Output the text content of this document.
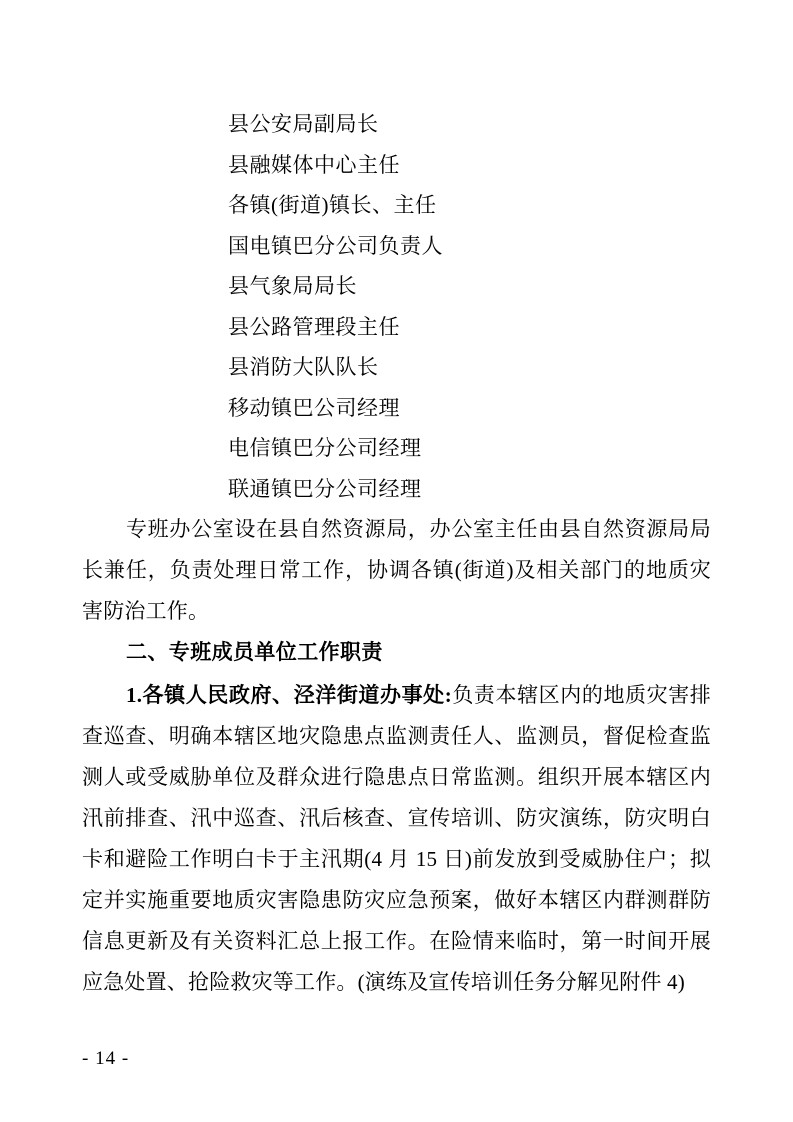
县公安局副局长
县融媒体中心主任
各镇(街道)镇长、主任
国电镇巴分公司负责人
县气象局局长
县公路管理段主任
县消防大队队长
移动镇巴公司经理
电信镇巴分公司经理
联通镇巴分公司经理

专班办公室设在县自然资源局，办公室主任由县自然资源局局长兼任，负责处理日常工作，协调各镇(街道)及相关部门的地质灾害防治工作。

二、专班成员单位工作职责

1.各镇人民政府、泾洋街道办事处:负责本辖区内的地质灾害排查巡查、明确本辖区地灾隐患点监测责任人、监测员，督促检查监测人或受威胁单位及群众进行隐患点日常监测。组织开展本辖区内汛前排查、汛中巡查、汛后核查、宣传培训、防灾演练，防灾明白卡和避险工作明白卡于主汛期(4 月 15 日)前发放到受威胁住户；拟定并实施重要地质灾害隐患防灾应急预案，做好本辖区内群测群防信息更新及有关资料汇总上报工作。在险情来临时，第一时间开展应急处置、抢险救灾等工作。(演练及宣传培训任务分解见附件 4)

- 14 -
